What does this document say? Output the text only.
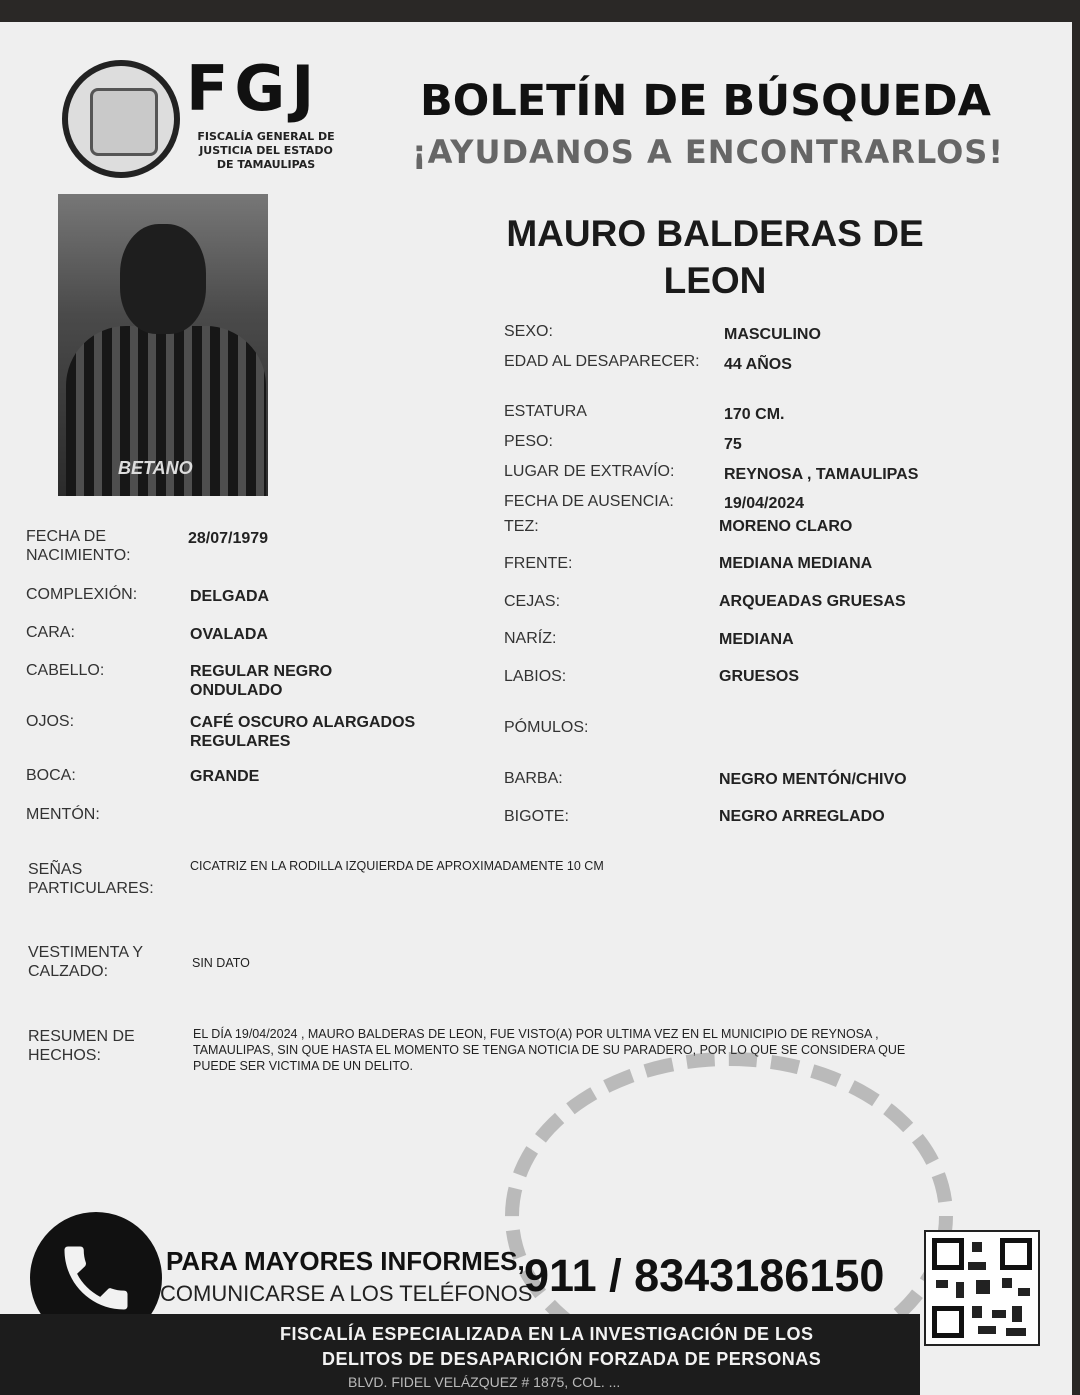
FGJ
FISCALÍA GENERAL DE
JUSTICIA DEL ESTADO
DE TAMAULIPAS
BOLETÍN DE BÚSQUEDA
¡AYUDANOS A ENCONTRARLOS!
BETANO
MAURO BALDERAS DE
LEON
SEXO:	MASCULINO
EDAD AL DESAPARECER: 44 AÑOS
ESTATURA	170 CM.
PESO:	75
LUGAR DE EXTRAVÍO:	REYNOSA , TAMAULIPAS
FECHA DE AUSENCIA:	19/04/2024
TEZ:	MORENO CLARO
FRENTE:	MEDIANA MEDIANA
CEJAS:	ARQUEADAS GRUESAS
NARÍZ:	MEDIANA
LABIOS:	GRUESOS
PÓMULOS:
BARBA:	NEGRO MENTÓN/CHIVO
BIGOTE:	NEGRO ARREGLADO
FECHA DE
NACIMIENTO:
28/07/1979
COMPLEXIÓN:	DELGADA
CARA:	OVALADA
CABELLO:	REGULAR NEGRO
ONDULADO
OJOS:	CAFÉ OSCURO ALARGADOS
REGULARES
BOCA:	GRANDE
MENTÓN:
SEÑAS
PARTICULARES:
CICATRIZ EN LA RODILLA IZQUIERDA DE APROXIMADAMENTE 10 CM
VESTIMENTA Y
CALZADO:	SIN DATO
RESUMEN DE
HECHOS:
EL DÍA 19/04/2024 , MAURO BALDERAS DE LEON, FUE VISTO(A) POR ULTIMA VEZ EN EL MUNICIPIO DE REYNOSA ,
TAMAULIPAS, SIN QUE HASTA EL MOMENTO SE TENGA NOTICIA DE SU PARADERO, POR LO QUE SE CONSIDERA QUE
PUEDE SER VICTIMA DE UN DELITO.
PARA MAYORES INFORMES,
COMUNICARSE A LOS TELÉFONOS
911 / 8343186150
FISCALÍA ESPECIALIZADA EN LA INVESTIGACIÓN DE LOS
DELITOS DE DESAPARICIÓN FORZADA DE PERSONAS
BLVD. FIDEL VELÁZQUEZ # 1875, COL. ...
